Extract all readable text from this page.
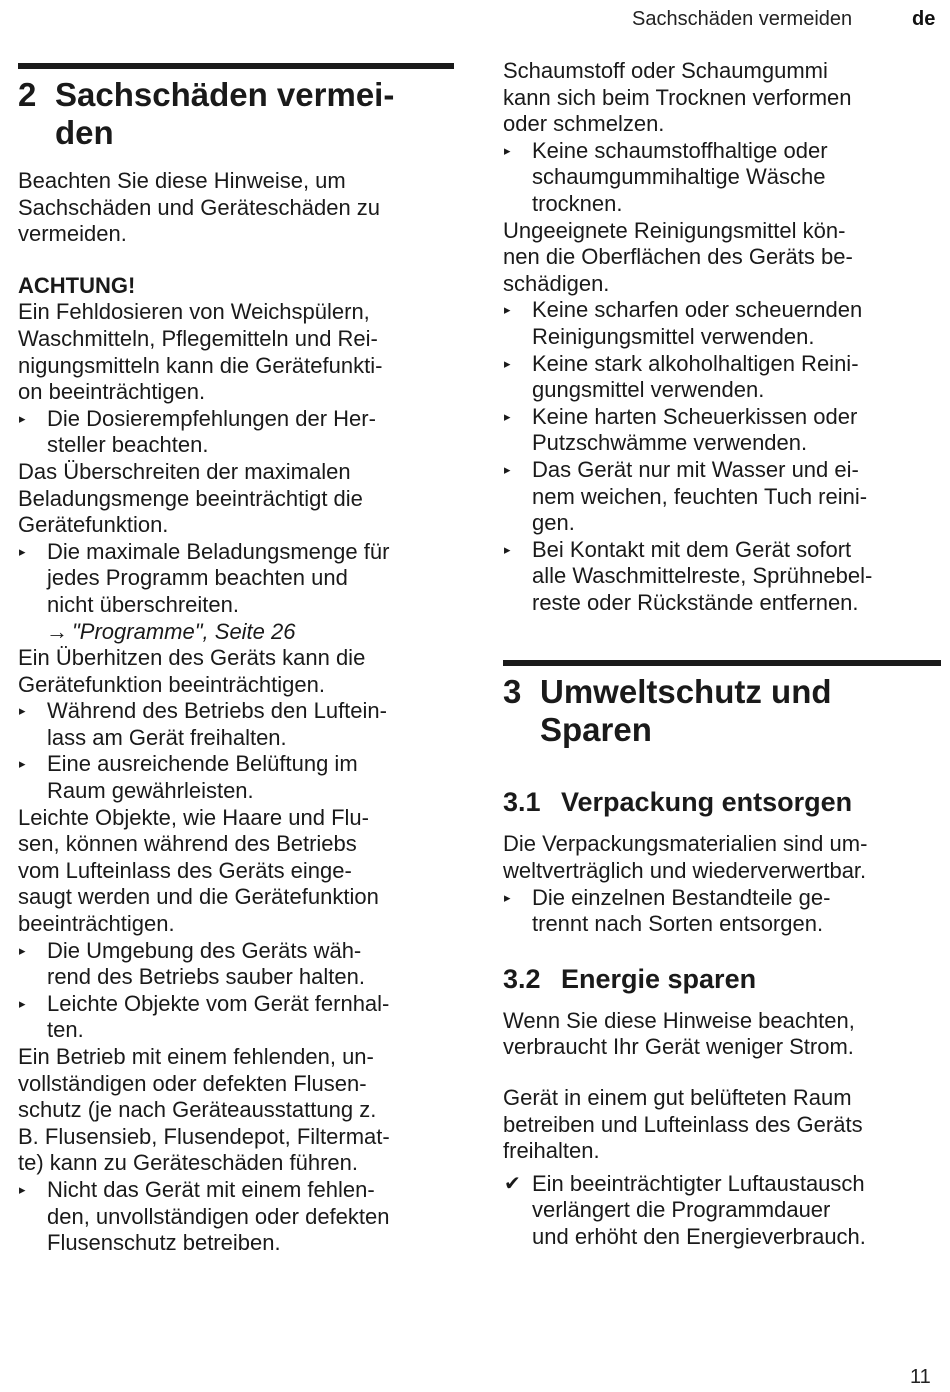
Sachschäden vermeiden	de
11
2 Sachschäden vermei-
den
Beachten Sie diese Hinweise, um
Sachschäden und Geräteschäden zu
vermeiden.
ACHTUNG!
Ein Fehldosieren von Weichspülern,
Waschmitteln, Pflegemitteln und Rei-
nigungsmitteln kann die Gerätefunkti-
on beeinträchtigen.
▸ Die Dosierempfehlungen der Her-
steller beachten.
Das Überschreiten der maximalen
Beladungsmenge beeinträchtigt die
Gerätefunktion.
▸ Die maximale Beladungsmenge für
jedes Programm beachten und
nicht überschreiten.
→ "Programme", Seite 26
Ein Überhitzen des Geräts kann die
Gerätefunktion beeinträchtigen.
▸ Während des Betriebs den Luftein-
lass am Gerät freihalten.
▸ Eine ausreichende Belüftung im
Raum gewährleisten.
Leichte Objekte, wie Haare und Flu-
sen, können während des Betriebs
vom Lufteinlass des Geräts einge-
saugt werden und die Gerätefunktion
beeinträchtigen.
▸ Die Umgebung des Geräts wäh-
rend des Betriebs sauber halten.
▸ Leichte Objekte vom Gerät fernhal-
ten.
Ein Betrieb mit einem fehlenden, un-
vollständigen oder defekten Flusen-
schutz (je nach Geräteausstattung z.
B. Flusensieb, Flusendepot, Filtermat-
te) kann zu Geräteschäden führen.
▸ Nicht das Gerät mit einem fehlen-
den, unvollständigen oder defekten
Flusenschutz betreiben.
Schaumstoff oder Schaumgummi
kann sich beim Trocknen verformen
oder schmelzen.
▸ Keine schaumstoffhaltige oder
schaumgummihaltige Wäsche
trocknen.
Ungeeignete Reinigungsmittel kön-
nen die Oberflächen des Geräts be-
schädigen.
▸ Keine scharfen oder scheuernden
Reinigungsmittel verwenden.
▸ Keine stark alkoholhaltigen Reini-
gungsmittel verwenden.
▸ Keine harten Scheuerkissen oder
Putzschwämme verwenden.
▸ Das Gerät nur mit Wasser und ei-
nem weichen, feuchten Tuch reini-
gen.
▸ Bei Kontakt mit dem Gerät sofort
alle Waschmittelreste, Sprühnebel-
reste oder Rückstände entfernen.
3 Umweltschutz und
Sparen
3.1 Verpackung entsorgen
Die Verpackungsmaterialien sind um-
weltverträglich und wiederverwertbar.
▸ Die einzelnen Bestandteile ge-
trennt nach Sorten entsorgen.
3.2 Energie sparen
Wenn Sie diese Hinweise beachten,
verbraucht Ihr Gerät weniger Strom.
Gerät in einem gut belüfteten Raum
betreiben und Lufteinlass des Geräts
freihalten.
✔ Ein beeinträchtigter Luftaustausch
verlängert die Programmdauer
und erhöht den Energieverbrauch.
